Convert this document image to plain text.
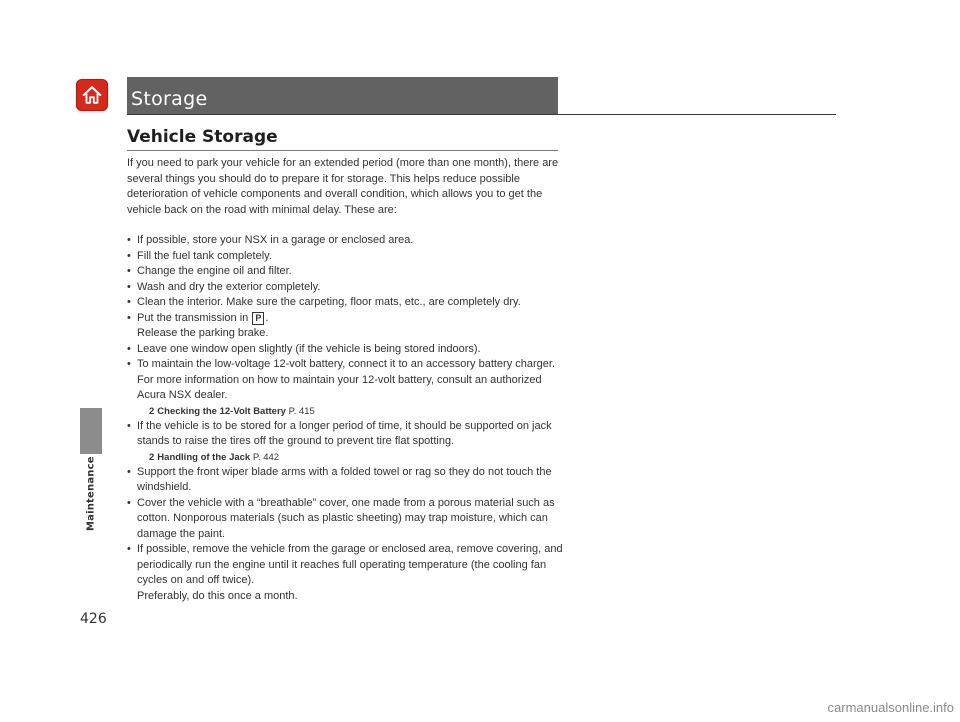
Maintenance
Storage
Vehicle Storage

If you need to park your vehicle for an extended period (more than one month), there are several things you should do to prepare it for storage. This helps reduce possible deterioration of vehicle components and overall condition, which allows you to get the vehicle back on the road with minimal delay. These are:

• If possible, store your NSX in a garage or enclosed area.
• Fill the fuel tank completely.
• Change the engine oil and filter.
• Wash and dry the exterior completely.
• Clean the interior. Make sure the carpeting, floor mats, etc., are completely dry.
• Put the transmission in P .
Release the parking brake.
• Leave one window open slightly (if the vehicle is being stored indoors).
• To maintain the low-voltage 12-volt battery, connect it to an accessory battery charger. For more information on how to maintain your 12-volt battery, consult an authorized Acura NSX dealer.
2 Checking the 12-Volt Battery P. 415
• If the vehicle is to be stored for a longer period of time, it should be supported on jack stands to raise the tires off the ground to prevent tire flat spotting.
2 Handling of the Jack P. 442
• Support the front wiper blade arms with a folded towel or rag so they do not touch the windshield.
• Cover the vehicle with a “breathable” cover, one made from a porous material such as cotton. Nonporous materials (such as plastic sheeting) may trap moisture, which can damage the paint.
• If possible, remove the vehicle from the garage or enclosed area, remove covering, and periodically run the engine until it reaches full operating temperature (the cooling fan cycles on and off twice).
Preferably, do this once a month.
426
carmanualsonline.info
